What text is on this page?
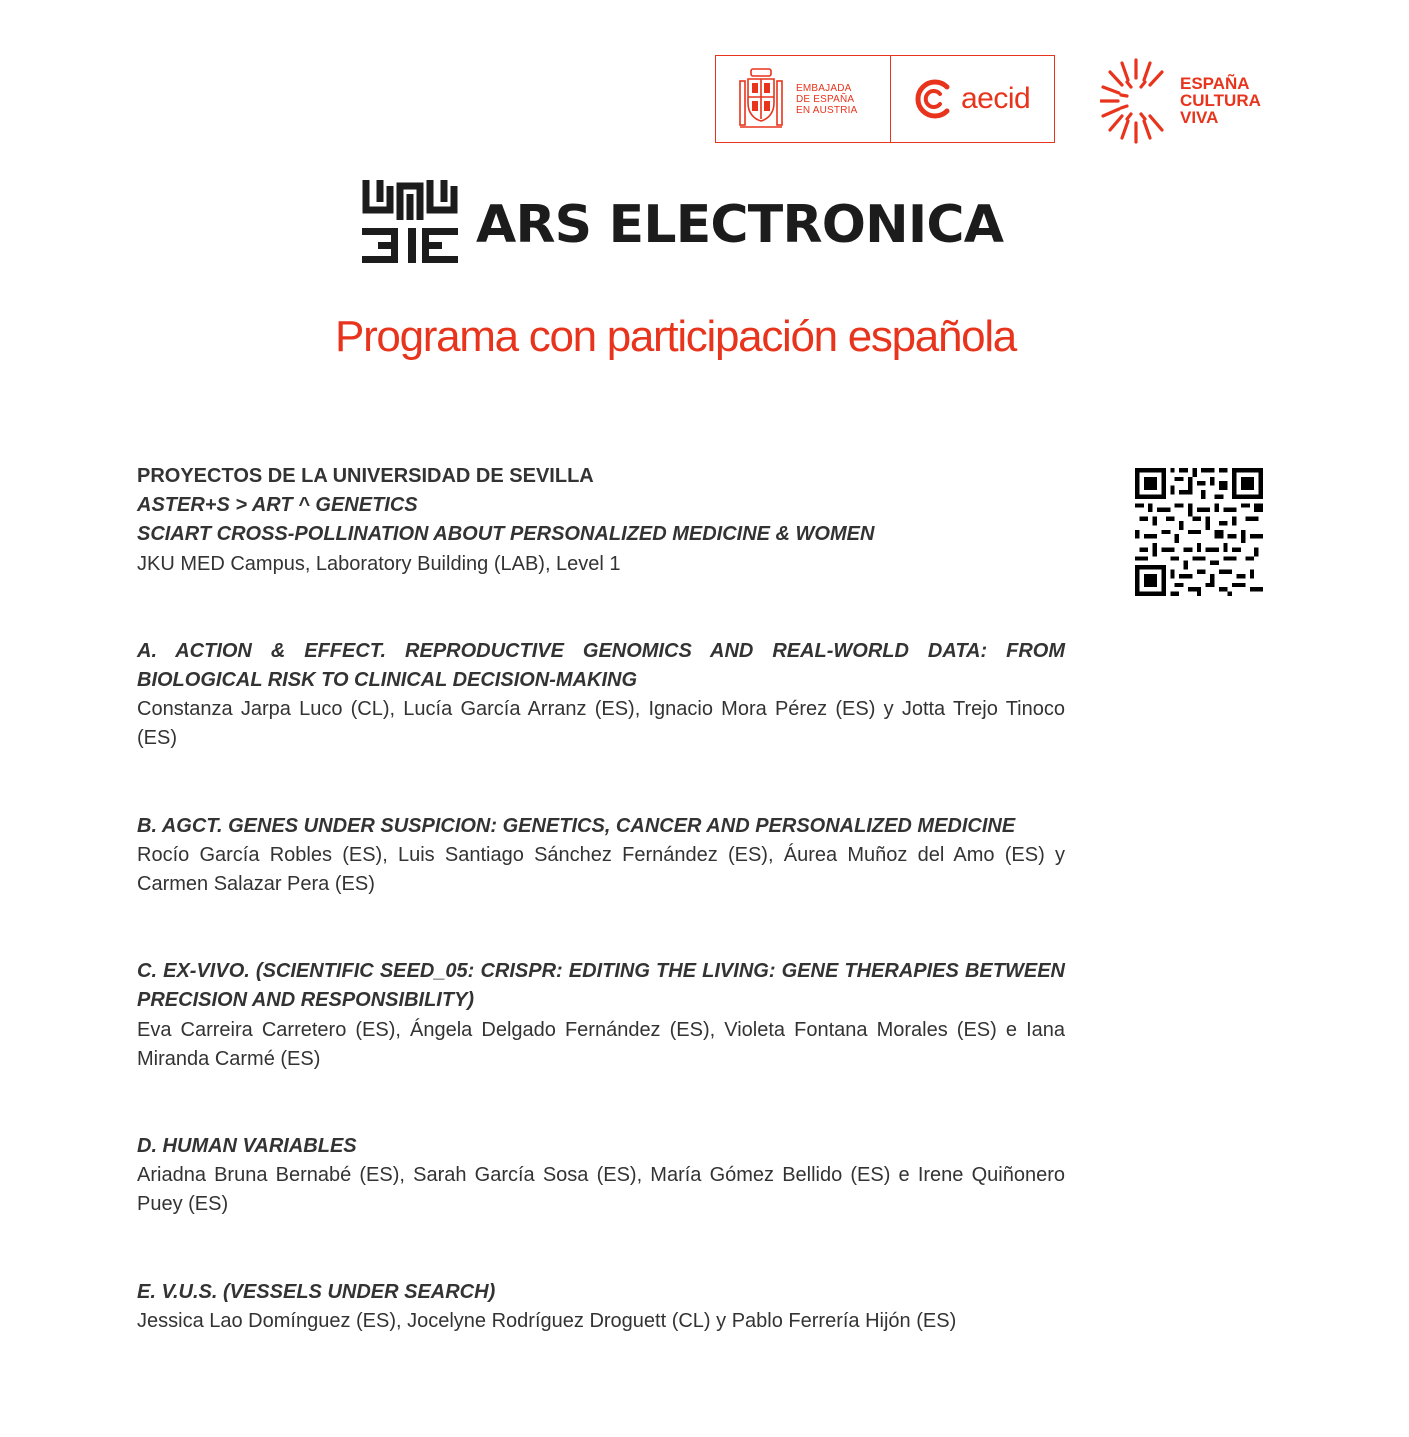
EMBAJADA
DE ESPAÑA
EN AUSTRIA	aecid	ESPAÑA
CULTURA
VIVA
ARS ELECTRONICA
Programa con participación española

PROYECTOS DE LA UNIVERSIDAD DE SEVILLA

ASTER+S > ART ^ GENETICS

SCIART CROSS-POLLINATION ABOUT PERSONALIZED MEDICINE & WOMEN

JKU MED Campus, Laboratory Building (LAB), Level 1

A. ACTION & EFFECT. REPRODUCTIVE GENOMICS AND REAL-WORLD DATA: FROM BIOLOGICAL RISK TO CLINICAL DECISION-MAKING

Constanza Jarpa Luco (CL), Lucía García Arranz (ES), Ignacio Mora Pérez (ES) y Jotta Trejo Tinoco (ES)

B. AGCT. GENES UNDER SUSPICION: GENETICS, CANCER AND PERSONALIZED MEDICINE

Rocío García Robles (ES), Luis Santiago Sánchez Fernández (ES), Áurea Muñoz del Amo (ES) y Carmen Salazar Pera (ES)

C. EX-VIVO. (SCIENTIFIC SEED_05: CRISPR: EDITING THE LIVING: GENE THERAPIES BETWEEN PRECISION AND RESPONSIBILITY)

Eva Carreira Carretero (ES), Ángela Delgado Fernández (ES), Violeta Fontana Morales (ES) e Iana Miranda Carmé (ES)

D. HUMAN VARIABLES

Ariadna Bruna Bernabé (ES), Sarah García Sosa (ES), María Gómez Bellido (ES) e Irene Quiñonero Puey (ES)

E. V.U.S. (VESSELS UNDER SEARCH)

Jessica Lao Domínguez (ES), Jocelyne Rodríguez Droguett (CL) y Pablo Ferrería Hijón (ES)
